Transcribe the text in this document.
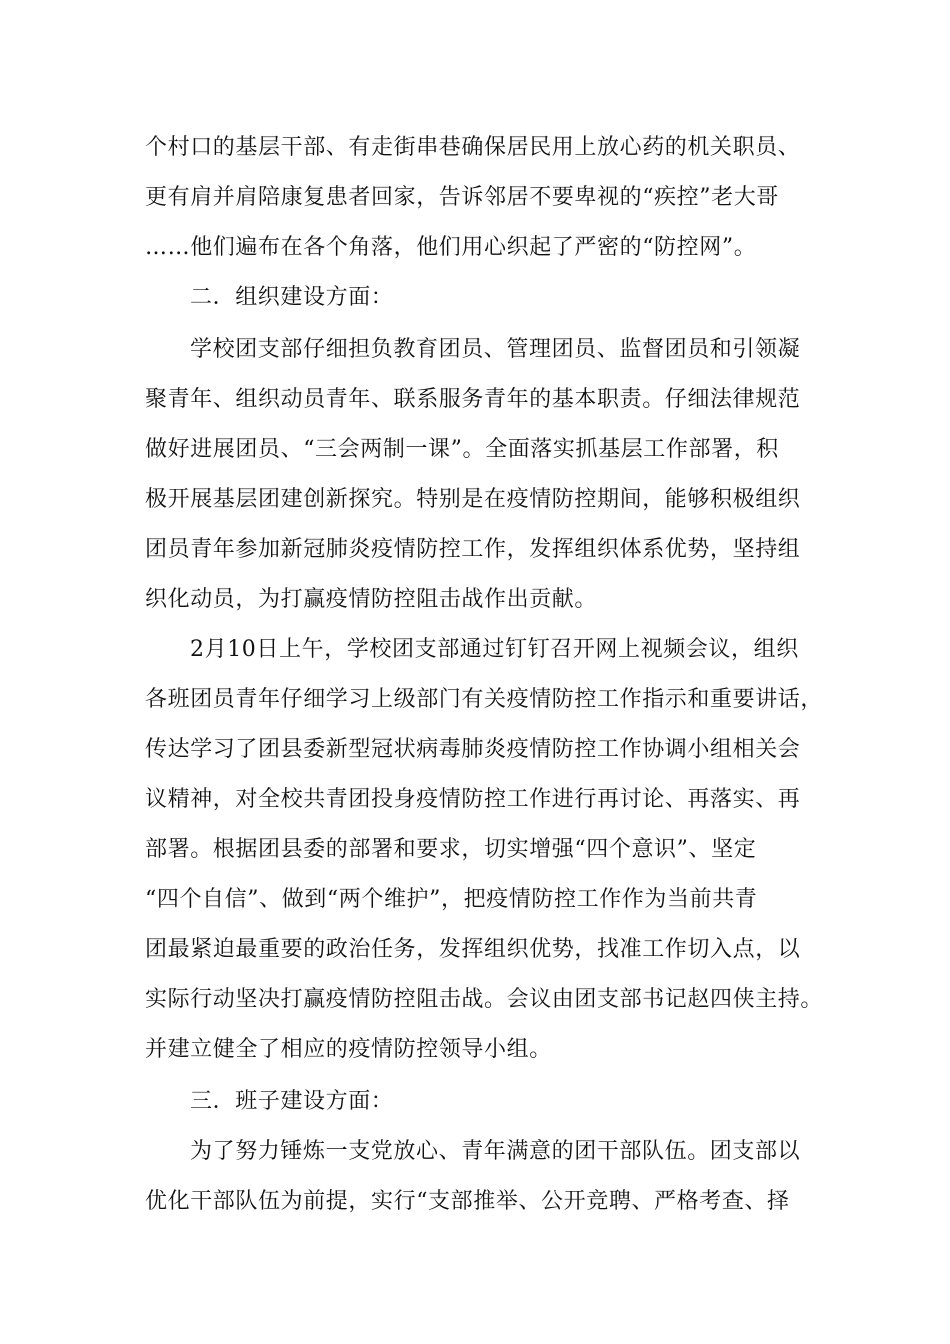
个村口的基层干部、有走街串巷确保居民用上放心药的机关职员、
更有肩并肩陪康复患者回家，告诉邻居不要卑视的“疾控”老大哥
……他们遍布在各个角落，他们用心织起了严密的“防控网”。
二．组织建设方面：
学校团支部仔细担负教育团员、管理团员、监督团员和引领凝
聚青年、组织动员青年、联系服务青年的基本职责。仔细法律规范
做好进展团员、“三会两制一课”。全面落实抓基层工作部署，积
极开展基层团建创新探究。特别是在疫情防控期间，能够积极组织
团员青年参加新冠肺炎疫情防控工作，发挥组织体系优势，坚持组
织化动员，为打赢疫情防控阻击战作出贡献。
2月10日上午，学校团支部通过钉钉召开网上视频会议，组织
各班团员青年仔细学习上级部门有关疫情防控工作指示和重要讲话，
传达学习了团县委新型冠状病毒肺炎疫情防控工作协调小组相关会
议精神，对全校共青团投身疫情防控工作进行再讨论、再落实、再
部署。根据团县委的部署和要求，切实增强“四个意识”、坚定
“四个自信”、做到“两个维护”，把疫情防控工作作为当前共青
团最紧迫最重要的政治任务，发挥组织优势，找准工作切入点，以
实际行动坚决打赢疫情防控阻击战。会议由团支部书记赵四侠主持。
并建立健全了相应的疫情防控领导小组。
三．班子建设方面：
为了努力锤炼一支党放心、青年满意的团干部队伍。团支部以
优化干部队伍为前提，实行“支部推举、公开竞聘、严格考查、择
